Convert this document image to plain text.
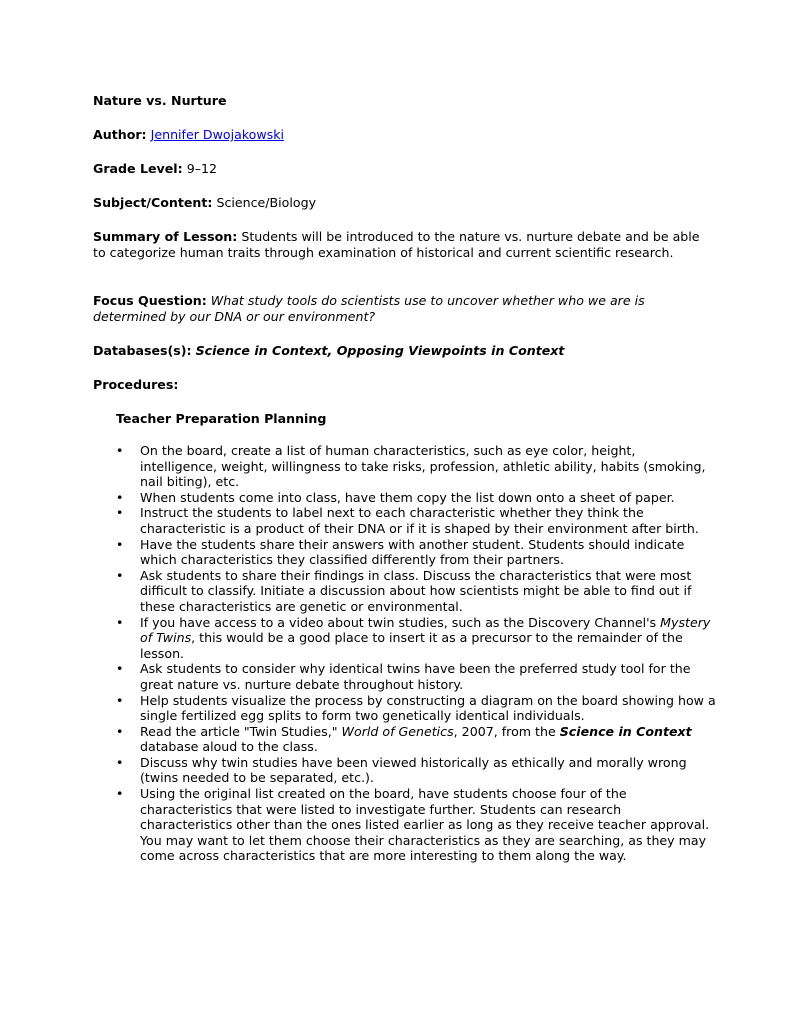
Nature vs. Nurture
Author: Jennifer Dwojakowski
Grade Level: 9–12
Subject/Content: Science/Biology
Summary of Lesson: Students will be introduced to the nature vs. nurture debate and be able to categorize human traits through examination of historical and current scientific research.
Focus Question: What study tools do scientists use to uncover whether who we are is determined by our DNA or our environment?
Databases(s): Science in Context, Opposing Viewpoints in Context
Procedures:
Teacher Preparation Planning
• On the board, create a list of human characteristics, such as eye color, height, intelligence, weight, willingness to take risks, profession, athletic ability, habits (smoking, nail biting), etc.
• When students come into class, have them copy the list down onto a sheet of paper.
• Instruct the students to label next to each characteristic whether they think the characteristic is a product of their DNA or if it is shaped by their environment after birth.
• Have the students share their answers with another student. Students should indicate which characteristics they classified differently from their partners.
• Ask students to share their findings in class. Discuss the characteristics that were most difficult to classify. Initiate a discussion about how scientists might be able to find out if these characteristics are genetic or environmental.
• If you have access to a video about twin studies, such as the Discovery Channel's Mystery of Twins, this would be a good place to insert it as a precursor to the remainder of the lesson.
• Ask students to consider why identical twins have been the preferred study tool for the great nature vs. nurture debate throughout history.
• Help students visualize the process by constructing a diagram on the board showing how a single fertilized egg splits to form two genetically identical individuals.
• Read the article "Twin Studies," World of Genetics, 2007, from the Science in Context database aloud to the class.
• Discuss why twin studies have been viewed historically as ethically and morally wrong (twins needed to be separated, etc.).
• Using the original list created on the board, have students choose four of the characteristics that were listed to investigate further. Students can research characteristics other than the ones listed earlier as long as they receive teacher approval. You may want to let them choose their characteristics as they are searching, as they may come across characteristics that are more interesting to them along the way.
